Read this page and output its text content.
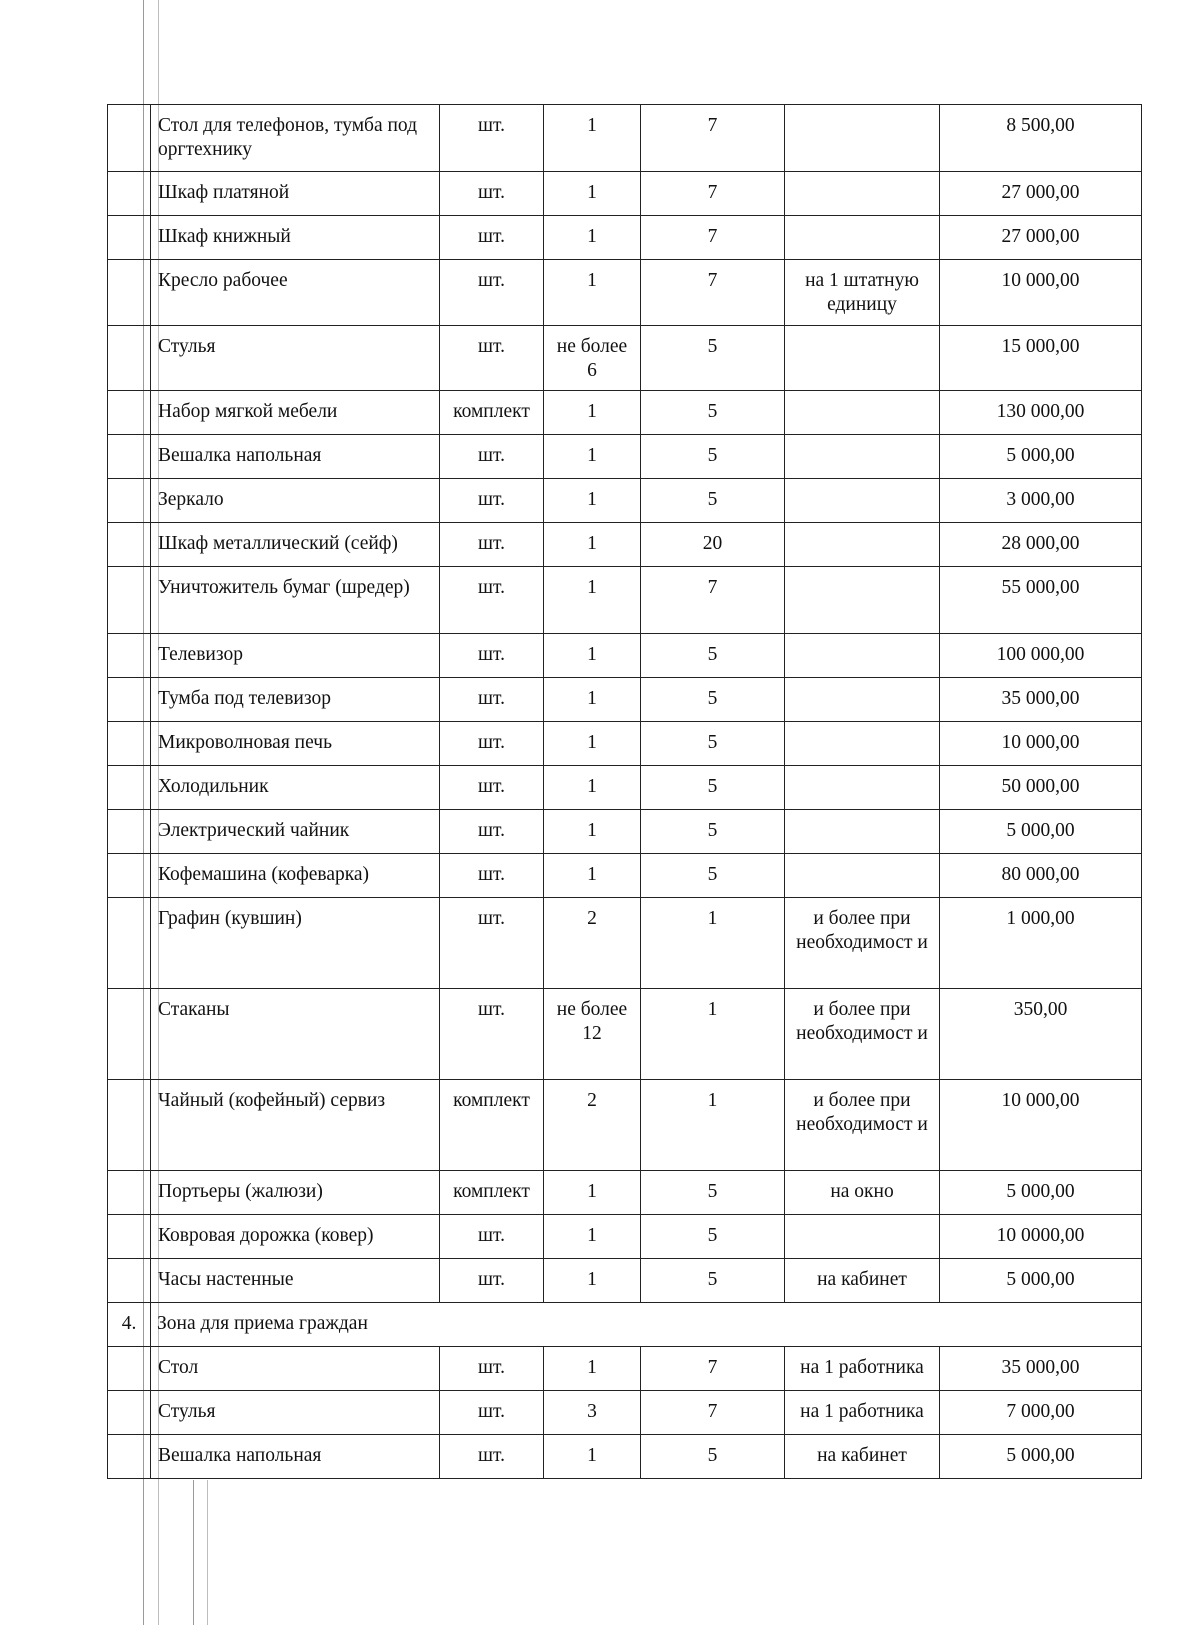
	Стол для телефонов, тумба под оргтехнику	шт.	1	7		8 500,00
	Шкаф платяной	шт.	1	7		27 000,00
	Шкаф книжный	шт.	1	7		27 000,00
	Кресло рабочее	шт.	1	7	на 1 штатную единицу	10 000,00
	Стулья	шт.	не более 6	5		15 000,00
	Набор мягкой мебели	комплект	1	5		130 000,00
	Вешалка напольная	шт.	1	5		5 000,00
	Зеркало	шт.	1	5		3 000,00
	Шкаф металлический (сейф)	шт.	1	20		28 000,00
	Уничтожитель бумаг (шредер)	шт.	1	7		55 000,00
	Телевизор	шт.	1	5		100 000,00
	Тумба под телевизор	шт.	1	5		35 000,00
	Микроволновая печь	шт.	1	5		10 000,00
	Холодильник	шт.	1	5		50 000,00
	Электрический чайник	шт.	1	5		5 000,00
	Кофемашина (кофеварка)	шт.	1	5		80 000,00
	Графин (кувшин)	шт.	2	1	и более при необходимост и	1 000,00
	Стаканы	шт.	не более 12	1	и более при необходимост и	350,00
	Чайный (кофейный) сервиз	комплект	2	1	и более при необходимост и	10 000,00
	Портьеры (жалюзи)	комплект	1	5	на окно	5 000,00
	Ковровая дорожка (ковер)	шт.	1	5		10 0000,00
	Часы настенные	шт.	1	5	на кабинет	5 000,00
4.	Зона для приема граждан					
	Стол	шт.	1	7	на 1 работника	35 000,00
	Стулья	шт.	3	7	на 1 работника	7 000,00
	Вешалка напольная	шт.	1	5	на кабинет	5 000,00
